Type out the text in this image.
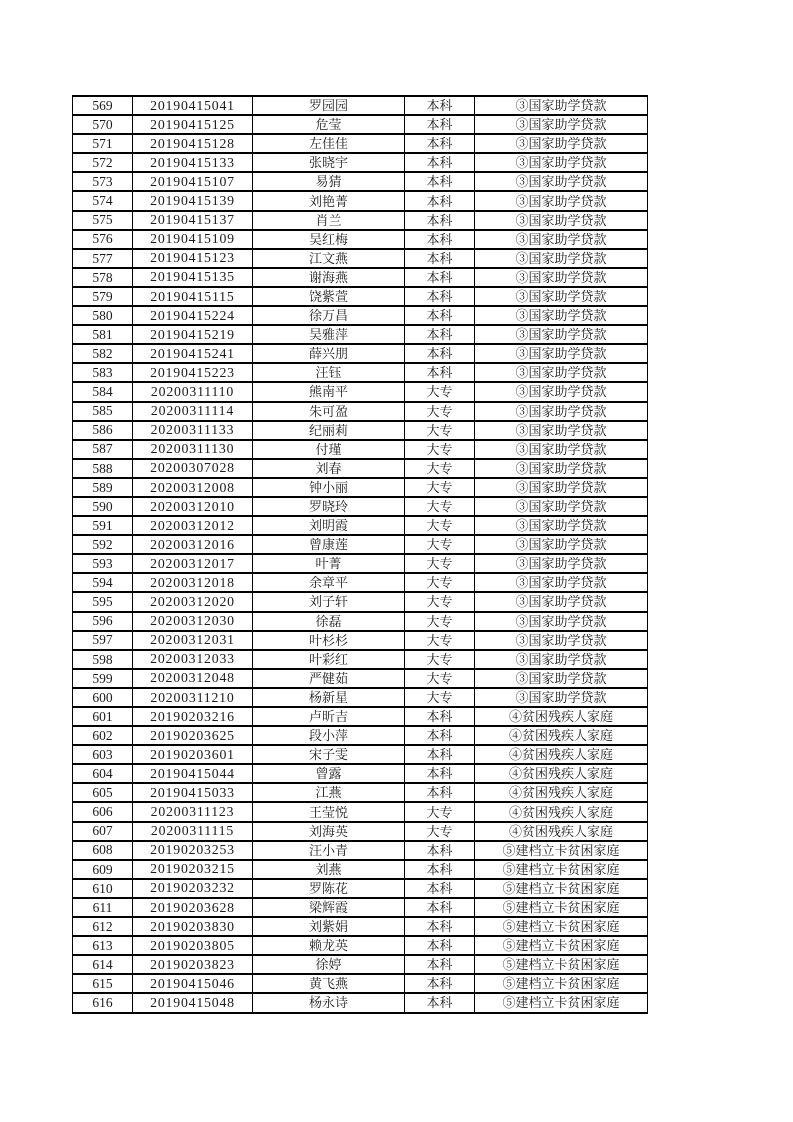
569	20190415041	罗园园	本科	③国家助学贷款
570	20190415125	危莹	本科	③国家助学贷款
571	20190415128	左佳佳	本科	③国家助学贷款
572	20190415133	张晓宇	本科	③国家助学贷款
573	20190415107	易猜	本科	③国家助学贷款
574	20190415139	刘艳菁	本科	③国家助学贷款
575	20190415137	肖兰	本科	③国家助学贷款
576	20190415109	吴红梅	本科	③国家助学贷款
577	20190415123	江文燕	本科	③国家助学贷款
578	20190415135	谢海燕	本科	③国家助学贷款
579	20190415115	饶紫萱	本科	③国家助学贷款
580	20190415224	徐万昌	本科	③国家助学贷款
581	20190415219	吴雅萍	本科	③国家助学贷款
582	20190415241	薛兴朋	本科	③国家助学贷款
583	20190415223	汪钰	本科	③国家助学贷款
584	20200311110	熊南平	大专	③国家助学贷款
585	20200311114	朱可盈	大专	③国家助学贷款
586	20200311133	纪丽莉	大专	③国家助学贷款
587	20200311130	付瑾	大专	③国家助学贷款
588	20200307028	刘春	大专	③国家助学贷款
589	20200312008	钟小丽	大专	③国家助学贷款
590	20200312010	罗晓玲	大专	③国家助学贷款
591	20200312012	刘明霞	大专	③国家助学贷款
592	20200312016	曾康莲	大专	③国家助学贷款
593	20200312017	叶菁	大专	③国家助学贷款
594	20200312018	余章平	大专	③国家助学贷款
595	20200312020	刘子轩	大专	③国家助学贷款
596	20200312030	徐磊	大专	③国家助学贷款
597	20200312031	叶杉杉	大专	③国家助学贷款
598	20200312033	叶彩红	大专	③国家助学贷款
599	20200312048	严健茹	大专	③国家助学贷款
600	20200311210	杨新星	大专	③国家助学贷款
601	20190203216	卢昕吉	本科	④贫困残疾人家庭
602	20190203625	段小萍	本科	④贫困残疾人家庭
603	20190203601	宋子雯	本科	④贫困残疾人家庭
604	20190415044	曾露	本科	④贫困残疾人家庭
605	20190415033	江燕	本科	④贫困残疾人家庭
606	20200311123	王莹悦	大专	④贫困残疾人家庭
607	20200311115	刘海英	大专	④贫困残疾人家庭
608	20190203253	汪小青	本科	⑤建档立卡贫困家庭
609	20190203215	刘燕	本科	⑤建档立卡贫困家庭
610	20190203232	罗陈花	本科	⑤建档立卡贫困家庭
611	20190203628	梁辉霞	本科	⑤建档立卡贫困家庭
612	20190203830	刘紫娟	本科	⑤建档立卡贫困家庭
613	20190203805	赖龙英	本科	⑤建档立卡贫困家庭
614	20190203823	徐婷	本科	⑤建档立卡贫困家庭
615	20190415046	黄飞燕	本科	⑤建档立卡贫困家庭
616	20190415048	杨永诗	本科	⑤建档立卡贫困家庭
